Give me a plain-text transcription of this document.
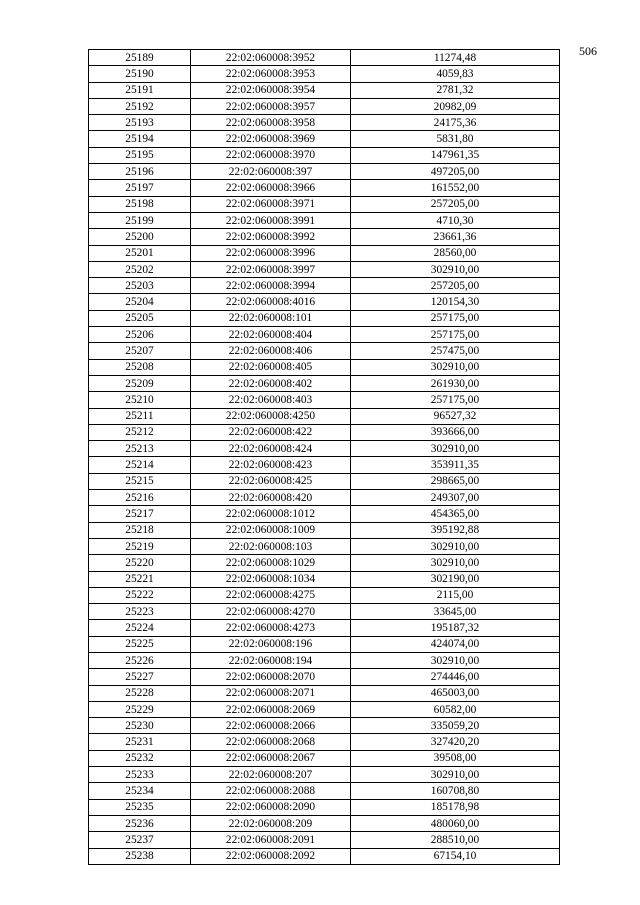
506
25189	22:02:060008:3952	11274,48
25190	22:02:060008:3953	4059,83
25191	22:02:060008:3954	2781,32
25192	22:02:060008:3957	20982,09
25193	22:02:060008:3958	24175,36
25194	22:02:060008:3969	5831,80
25195	22:02:060008:3970	147961,35
25196	22:02:060008:397	497205,00
25197	22:02:060008:3966	161552,00
25198	22:02:060008:3971	257205,00
25199	22:02:060008:3991	4710,30
25200	22:02:060008:3992	23661,36
25201	22:02:060008:3996	28560,00
25202	22:02:060008:3997	302910,00
25203	22:02:060008:3994	257205,00
25204	22:02:060008:4016	120154,30
25205	22:02:060008:101	257175,00
25206	22:02:060008:404	257175,00
25207	22:02:060008:406	257475,00
25208	22:02:060008:405	302910,00
25209	22:02:060008:402	261930,00
25210	22:02:060008:403	257175,00
25211	22:02:060008:4250	96527,32
25212	22:02:060008:422	393666,00
25213	22:02:060008:424	302910,00
25214	22:02:060008:423	353911,35
25215	22:02:060008:425	298665,00
25216	22:02:060008:420	249307,00
25217	22:02:060008:1012	454365,00
25218	22:02:060008:1009	395192,88
25219	22:02:060008:103	302910,00
25220	22:02:060008:1029	302910,00
25221	22:02:060008:1034	302190,00
25222	22:02:060008:4275	2115,00
25223	22:02:060008:4270	33645,00
25224	22:02:060008:4273	195187,32
25225	22:02:060008:196	424074,00
25226	22:02:060008:194	302910,00
25227	22:02:060008:2070	274446,00
25228	22:02:060008:2071	465003,00
25229	22:02:060008:2069	60582,00
25230	22:02:060008:2066	335059,20
25231	22:02:060008:2068	327420,20
25232	22:02:060008:2067	39508,00
25233	22:02:060008:207	302910,00
25234	22:02:060008:2088	160708,80
25235	22:02:060008:2090	185178,98
25236	22:02:060008:209	480060,00
25237	22:02:060008:2091	288510,00
25238	22:02:060008:2092	67154,10
